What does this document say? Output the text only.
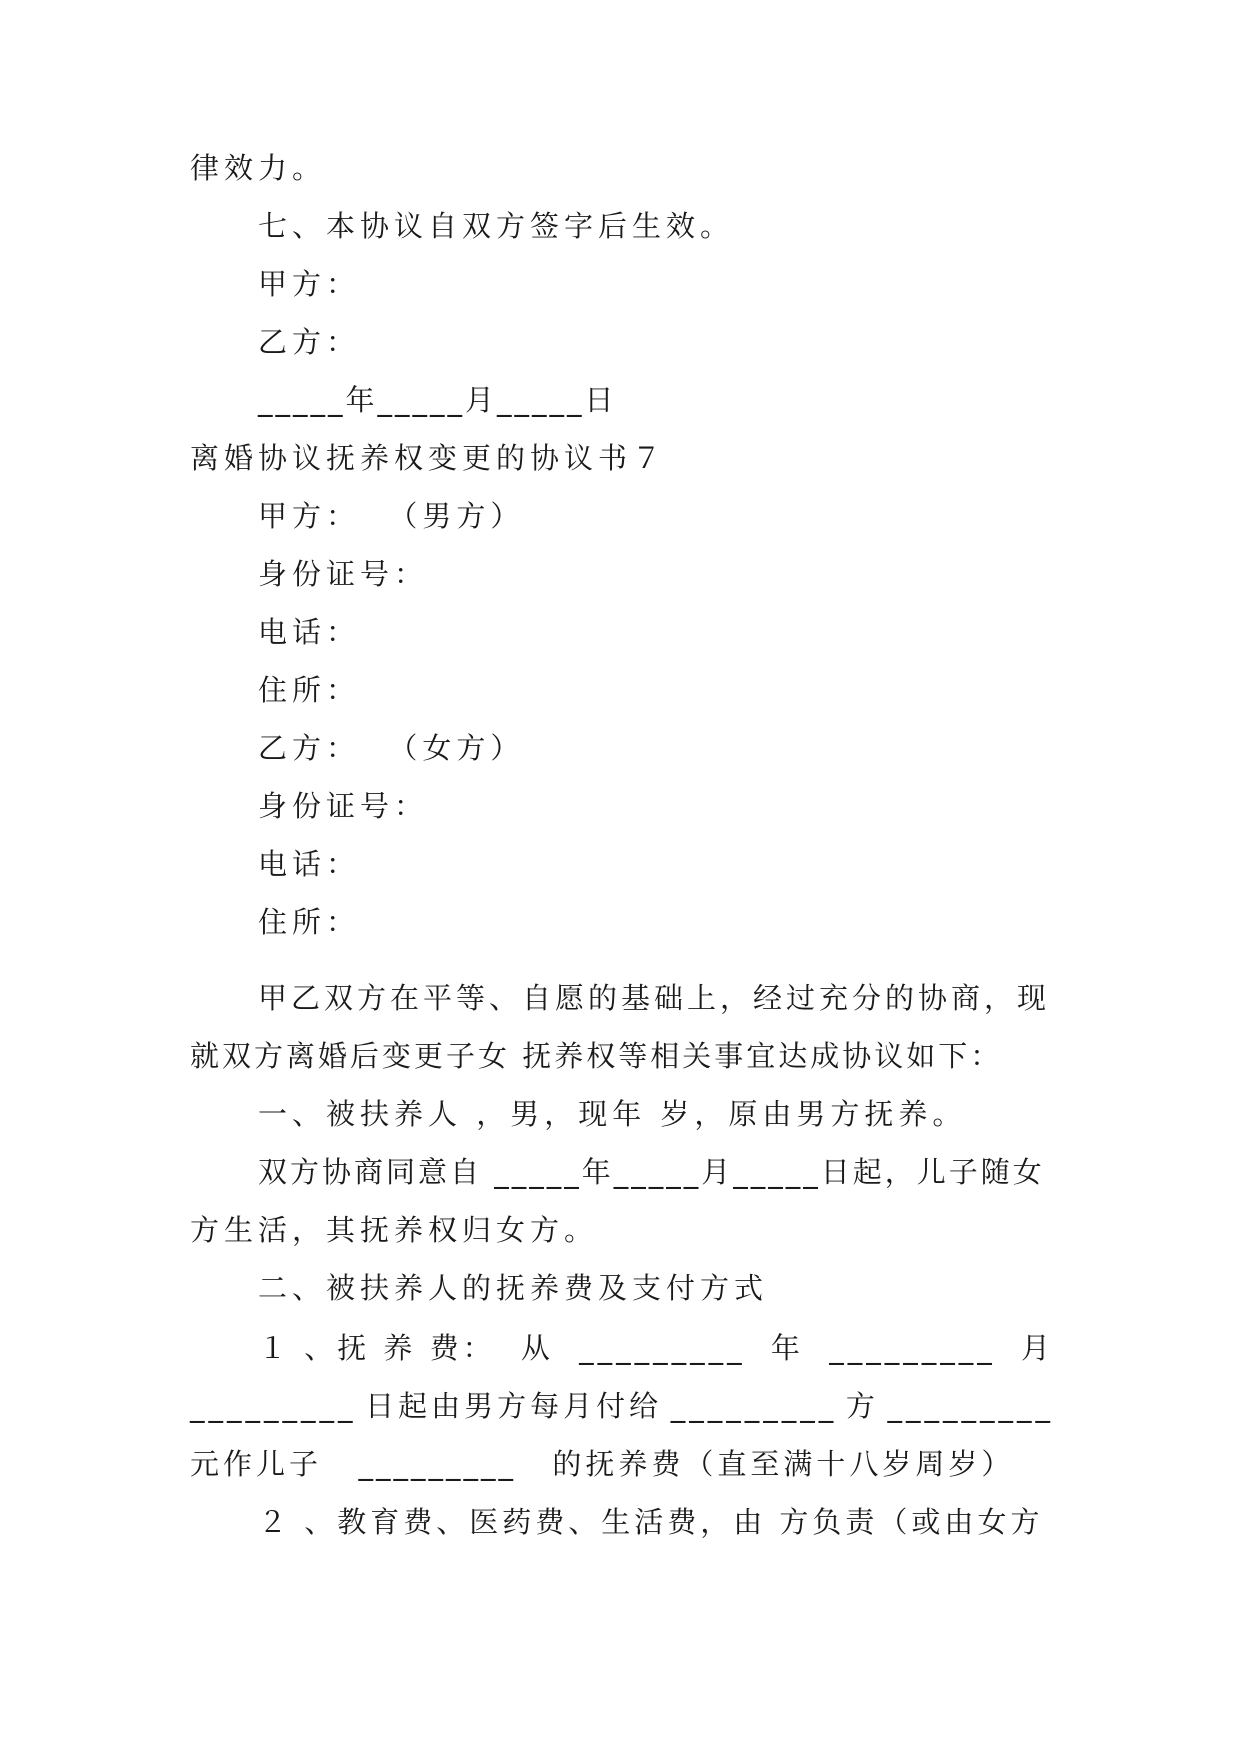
律效力。
七、本协议自双方签字后生效。
甲方：
乙方：
_____年_____月_____日
离婚协议抚养权变更的协议书７
甲方：  （男方）
身份证号：
电话：
住所：
乙方：  （女方）
身份证号：
电话：
住所：
甲乙双方在平等、自愿的基础上，经过充分的协商，现
就双方离婚后变更子女 抚养权等相关事宜达成协议如下：
一、被扶养人 ，男，现年 岁，原由男方抚养。
双方协商同意自 _____年_____月_____日起，儿子随女
方生活，其抚养权归女方。
二、被扶养人的抚养费及支付方式
１ 、抚 养 费： 从 _________ 年 _________ 月
_________ 日起由男方每月付给 _________ 方 _________
元作儿子 _________ 的抚养费（直至满十八岁周岁）
２ 、教育费、医药费、生活费，由 方负责（或由女方
